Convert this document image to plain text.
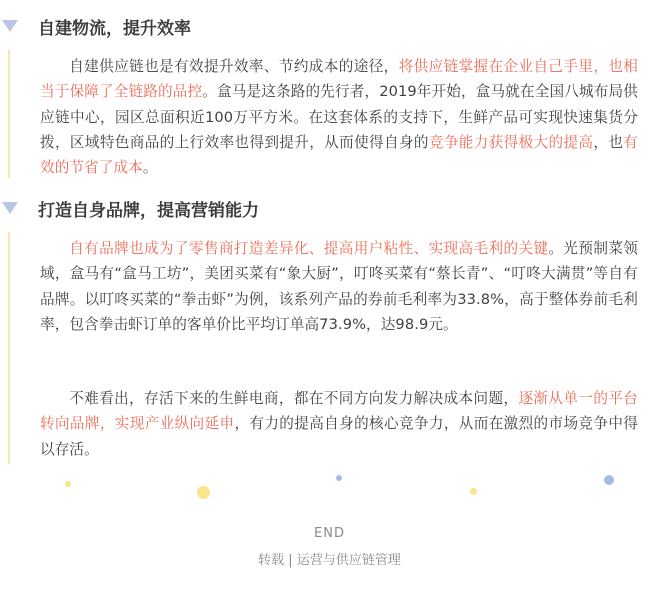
自建物流，提升效率
自建供应链也是有效提升效率、节约成本的途径，将供应链掌握在企业自己手里，也相当于保障了全链路的品控。盒马是这条路的先行者，2019年开始，盒马就在全国八城布局供应链中心，园区总面积近100万平方米。在这套体系的支持下，生鲜产品可实现快速集货分拨，区域特色商品的上行效率也得到提升，从而使得自身的竞争能力获得极大的提高，也有效的节省了成本。
打造自身品牌，提高营销能力
自有品牌也成为了零售商打造差异化、提高用户粘性、实现高毛利的关键。光预制菜领域，盒马有“盒马工坊”，美团买菜有“象大厨”，叮咚买菜有“蔡长青”、“叮咚大满贯”等自有品牌。以叮咚买菜的“拳击虾”为例，该系列产品的券前毛利率为33.8%，高于整体券前毛利率，包含拳击虾订单的客单价比平均订单高73.9%，达98.9元。
不难看出，存活下来的生鲜电商，都在不同方向发力解决成本问题，逐渐从单一的平台转向品牌，实现产业纵向延申，有力的提高自身的核心竞争力，从而在激烈的市场竞争中得以存活。
END
转载 | 运营与供应链管理
